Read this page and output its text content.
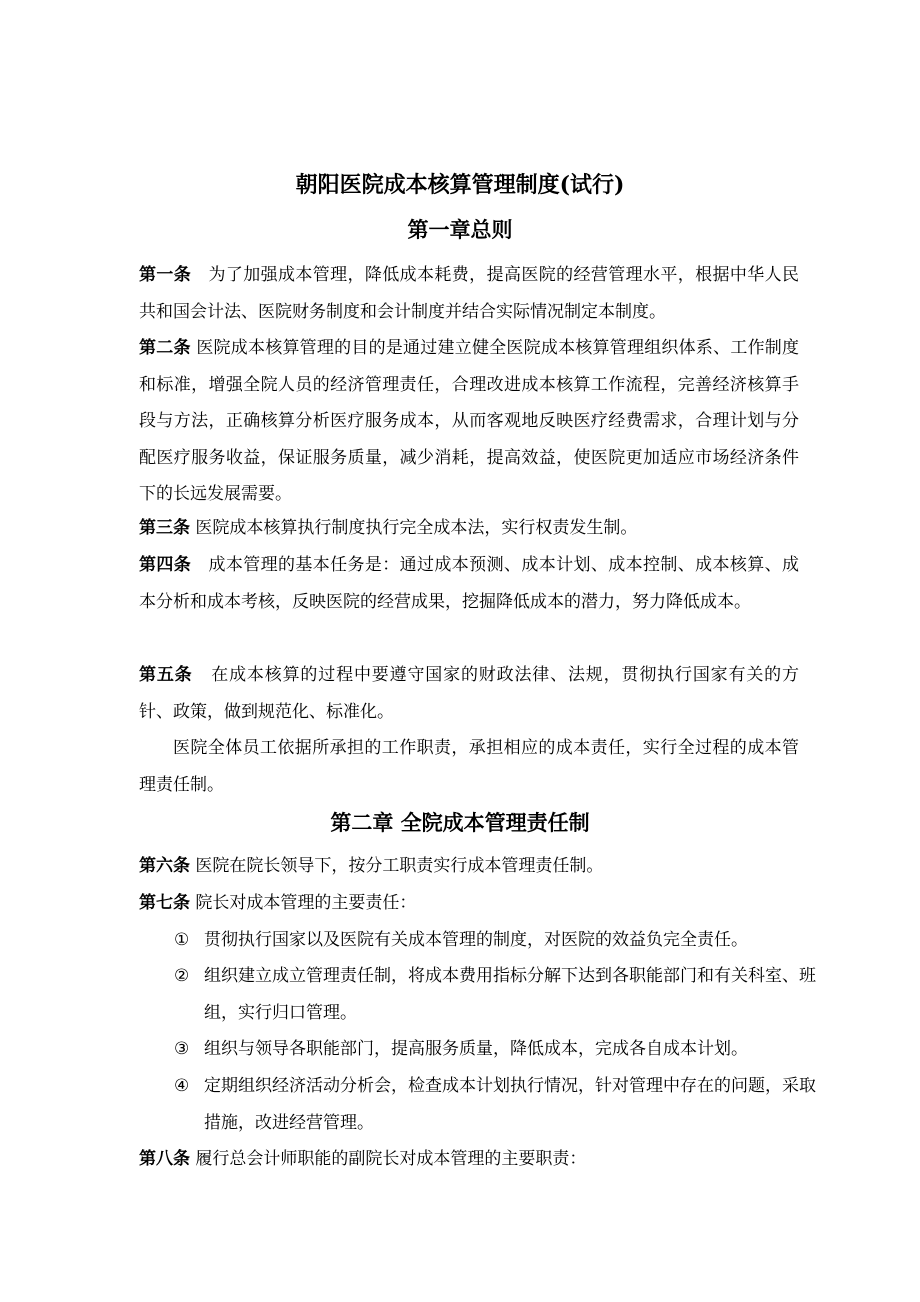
朝阳医院成本核算管理制度(试行)
第一章总则
第一条 为了加强成本管理，降低成本耗费，提高医院的经营管理水平，根据中华人民共和国会计法、医院财务制度和会计制度并结合实际情况制定本制度。
第二条 医院成本核算管理的目的是通过建立健全医院成本核算管理组织体系、工作制度和标准，增强全院人员的经济管理责任，合理改进成本核算工作流程，完善经济核算手段与方法，正确核算分析医疗服务成本，从而客观地反映医疗经费需求，合理计划与分配医疗服务收益，保证服务质量，减少消耗，提高效益，使医院更加适应市场经济条件下的长远发展需要。
第三条 医院成本核算执行制度执行完全成本法，实行权责发生制。
第四条 成本管理的基本任务是：通过成本预测、成本计划、成本控制、成本核算、成本分析和成本考核，反映医院的经营成果，挖掘降低成本的潜力，努力降低成本。
第五条 在成本核算的过程中要遵守国家的财政法律、法规，贯彻执行国家有关的方针、政策，做到规范化、标准化。
医院全体员工依据所承担的工作职责，承担相应的成本责任，实行全过程的成本管理责任制。
第二章 全院成本管理责任制
第六条 医院在院长领导下，按分工职责实行成本管理责任制。
第七条 院长对成本管理的主要责任：
① 贯彻执行国家以及医院有关成本管理的制度，对医院的效益负完全责任。
② 组织建立成立管理责任制，将成本费用指标分解下达到各职能部门和有关科室、班组，实行归口管理。
③ 组织与领导各职能部门，提高服务质量，降低成本，完成各自成本计划。
④ 定期组织经济活动分析会，检查成本计划执行情况，针对管理中存在的问题，采取措施，改进经营管理。
第八条 履行总会计师职能的副院长对成本管理的主要职责：
